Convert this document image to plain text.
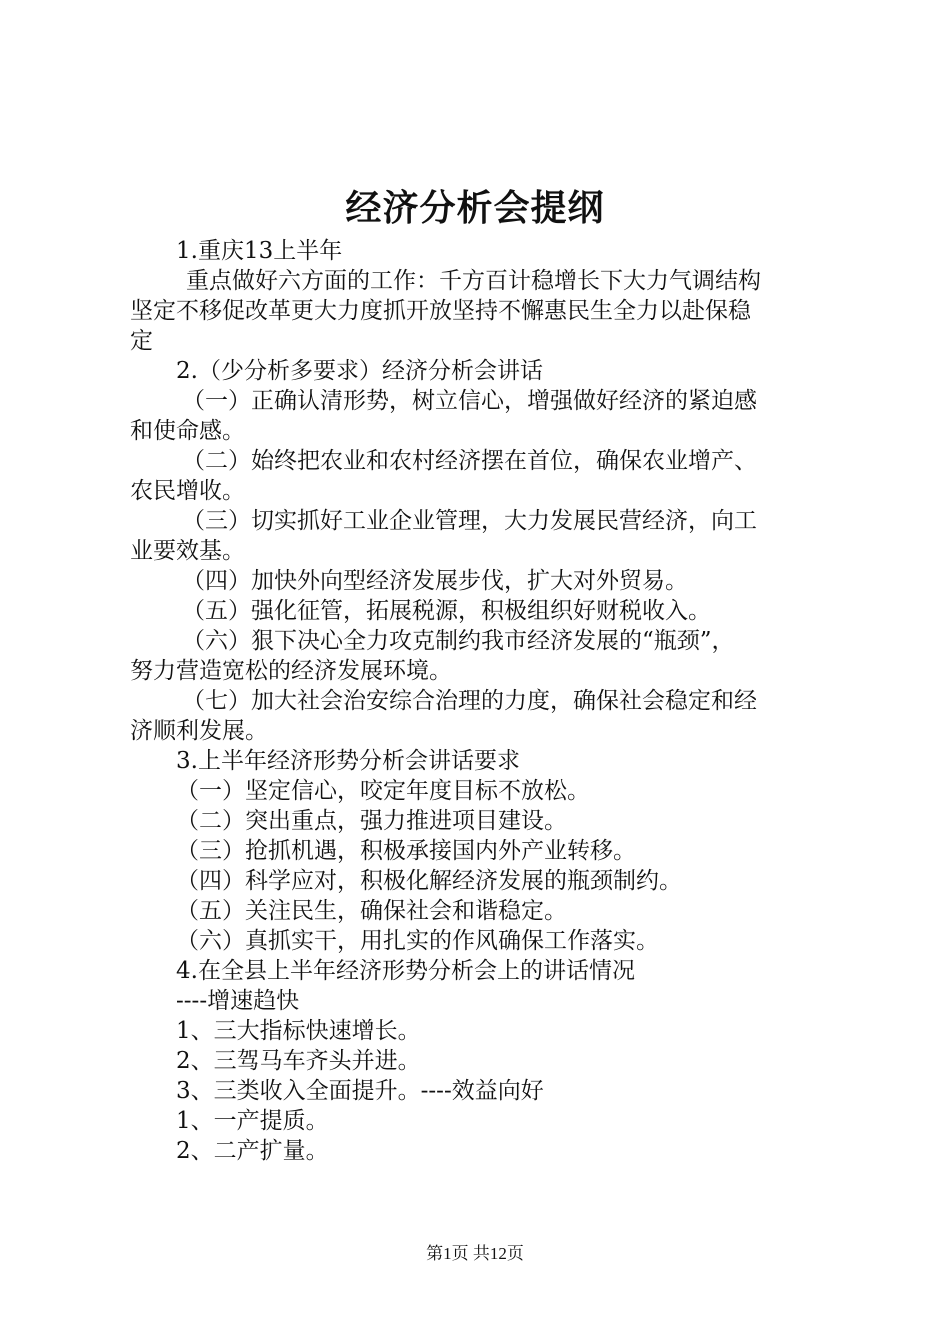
经济分析会提纲

1.重庆13上半年

重点做好六方面的工作：千方百计稳增长下大力气调结构

坚定不移促改革更大力度抓开放坚持不懈惠民生全力以赴保稳

定

2.（少分析多要求）经济分析会讲话

（一）正确认清形势，树立信心，增强做好经济的紧迫感

和使命感。

（二）始终把农业和农村经济摆在首位，确保农业增产、

农民增收。

（三）切实抓好工业企业管理，大力发展民营经济，向工

业要效基。

（四）加快外向型经济发展步伐，扩大对外贸易。

（五）强化征管，拓展税源，积极组织好财税收入。

（六）狠下决心全力攻克制约我市经济发展的“瓶颈”，

努力营造宽松的经济发展环境。

（七）加大社会治安综合治理的力度，确保社会稳定和经

济顺利发展。

3.上半年经济形势分析会讲话要求

（一）坚定信心，咬定年度目标不放松。

（二）突出重点，强力推进项目建设。

（三）抢抓机遇，积极承接国内外产业转移。

（四）科学应对，积极化解经济发展的瓶颈制约。

（五）关注民生，确保社会和谐稳定。

（六）真抓实干，用扎实的作风确保工作落实。

4.在全县上半年经济形势分析会上的讲话情况

----增速趋快

1、三大指标快速增长。

2、三驾马车齐头并进。

3、三类收入全面提升。----效益向好

1、一产提质。

2、二产扩量。

第1页 共12页
